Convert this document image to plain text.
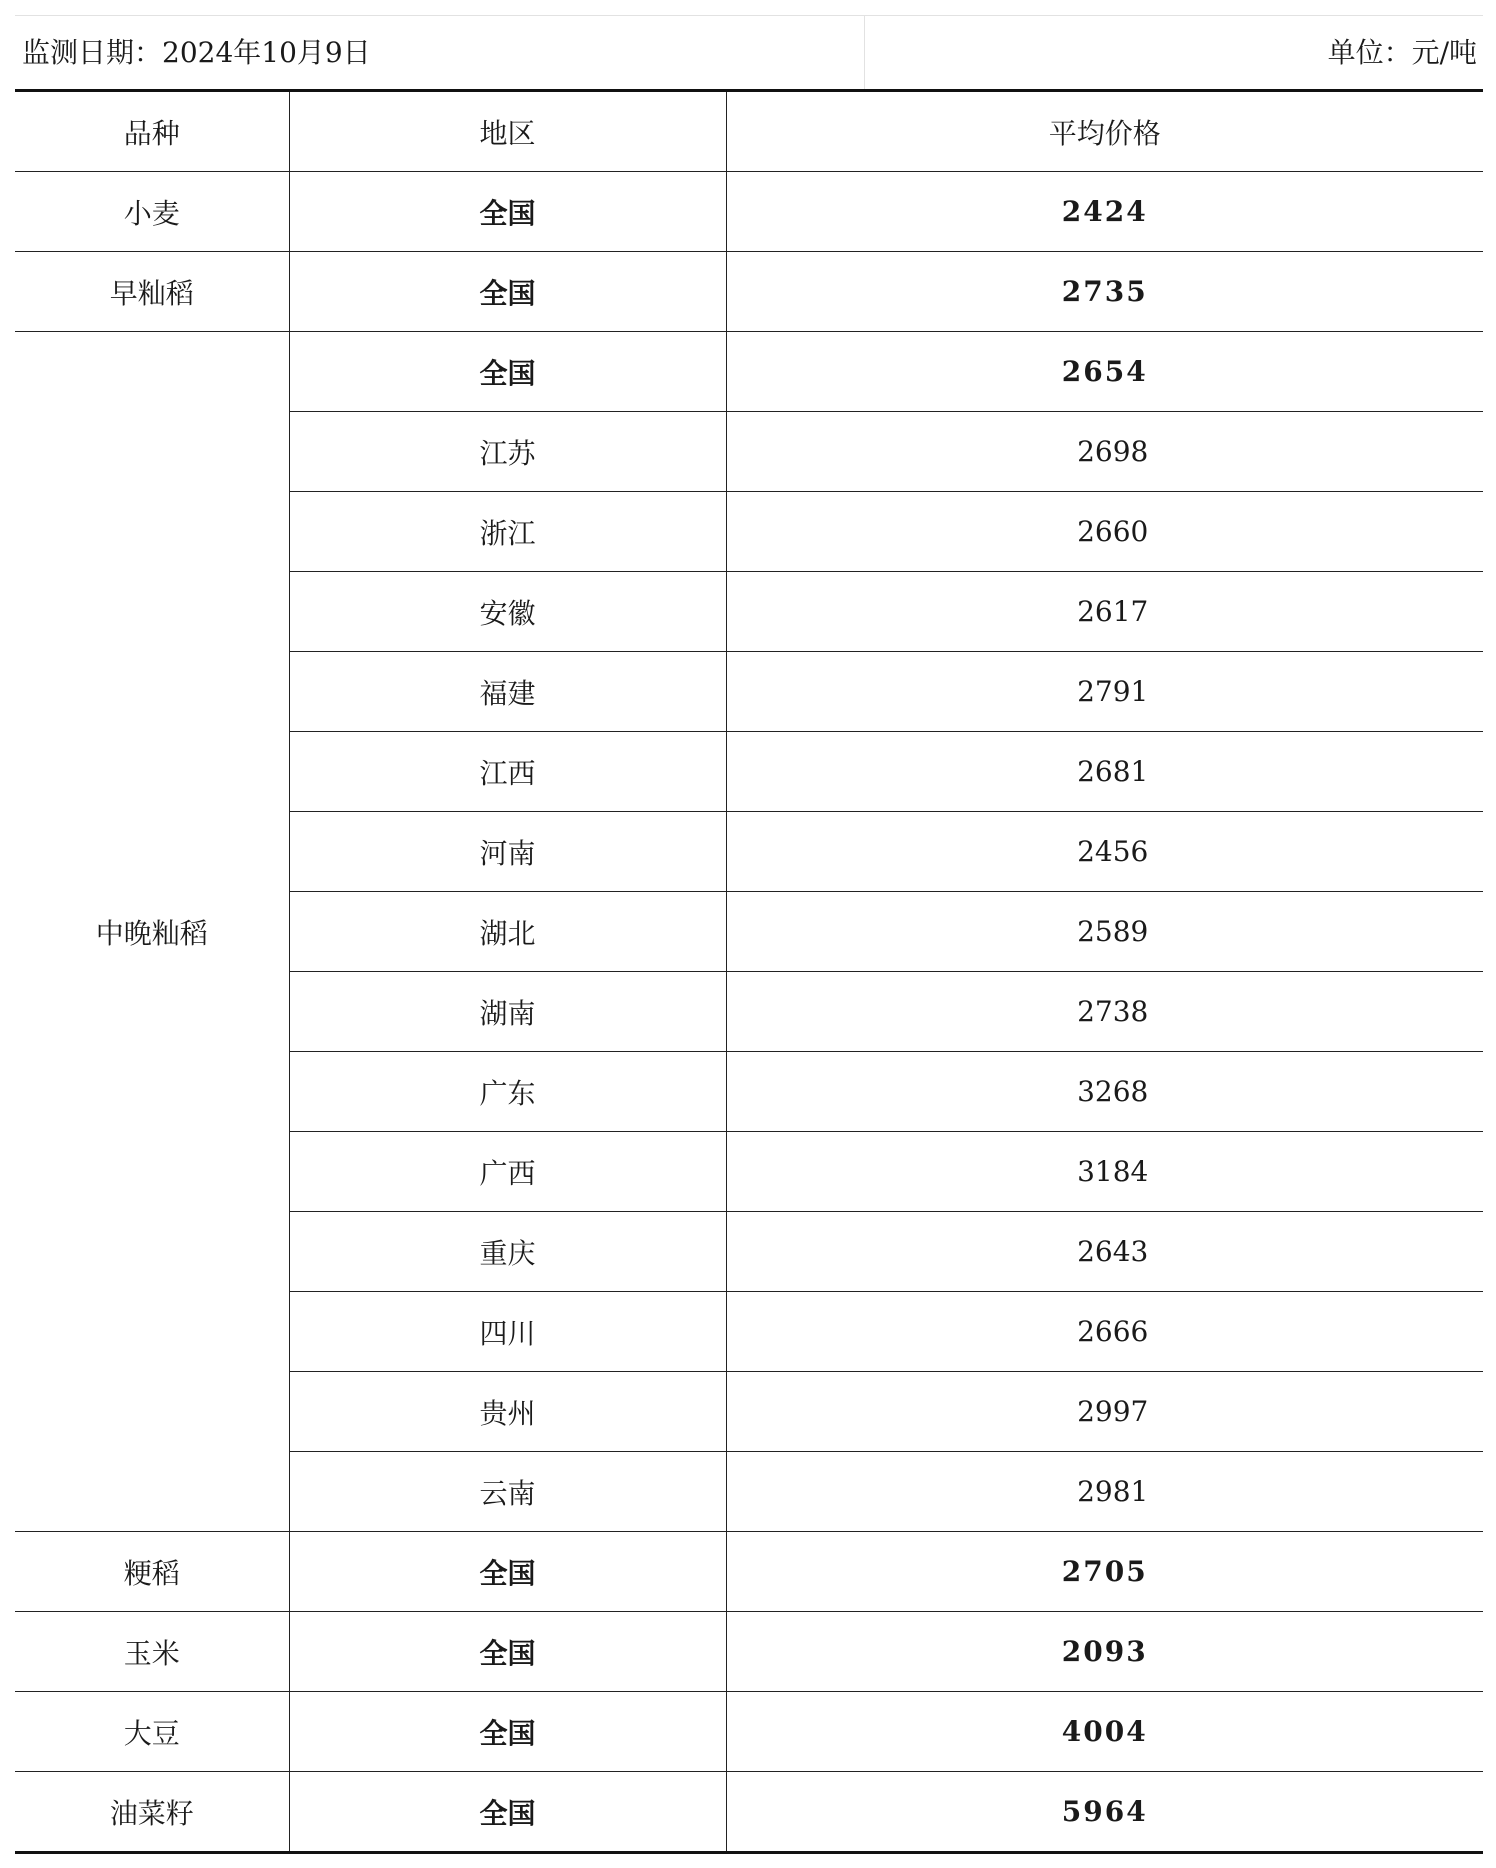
监测日期：2024年10月9日	单位：元/吨
品种	地区	平均价格
小麦	全国	2424
早籼稻	全国	2735
中晚籼稻	全国	2654
	江苏	2698
	浙江	2660
	安徽	2617
	福建	2791
	江西	2681
	河南	2456
	湖北	2589
	湖南	2738
	广东	3268
	广西	3184
	重庆	2643
	四川	2666
	贵州	2997
	云南	2981
粳稻	全国	2705
玉米	全国	2093
大豆	全国	4004
油菜籽	全国	5964
